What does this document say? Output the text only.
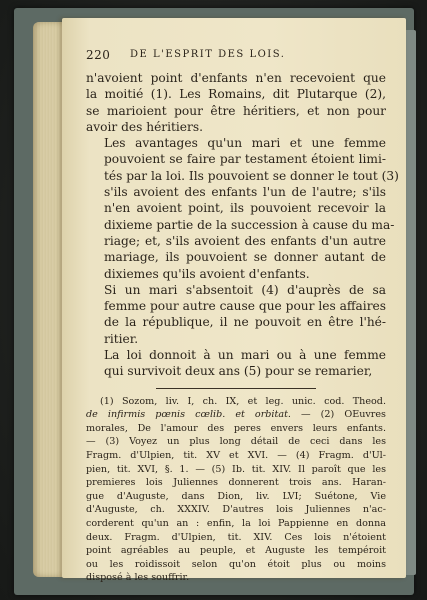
220 DE L'ESPRIT DES LOIS.

n'avoient point d'enfants n'en recevoient que
la moitié (1). Les Romains, dit Plutarque (2),
se marioient pour être héritiers, et non pour
avoir des héritiers.

Les avantages qu'un mari et une femme
pouvoient se faire par testament étoient limi-
tés par la loi. Ils pouvoient se donner le tout (3)
s'ils avoient des enfants l'un de l'autre; s'ils
n'en avoient point, ils pouvoient recevoir la
dixieme partie de la succession à cause du ma-
riage; et, s'ils avoient des enfants d'un autre
mariage, ils pouvoient se donner autant de
dixiemes qu'ils avoient d'enfants.

Si un mari s'absentoit (4) d'auprès de sa
femme pour autre cause que pour les affaires
de la république, il ne pouvoit en être l'hé-
ritier.

La loi donnoit à un mari ou à une femme
qui survivoit deux ans (5) pour se remarier,

(1) Sozom, liv. I, ch. IX, et leg. unic. cod. Theod.
de infirmis pœnis cœlib. et orbitat. — (2) OEuvres
morales, De l'amour des peres envers leurs enfants.
— (3) Voyez un plus long détail de ceci dans les
Fragm. d'Ulpien, tit. XV et XVI. — (4) Fragm. d'Ul-
pien, tit. XVI, §. 1. — (5) Ib. tit. XIV. Il paroît que les
premieres lois Juliennes donnerent trois ans. Haran-
gue d'Auguste, dans Dion, liv. LVI; Suétone, Vie
d'Auguste, ch. XXXIV. D'autres lois Juliennes n'ac-
corderent qu'un an : enfin, la loi Pappienne en donna
deux. Fragm. d'Ulpien, tit. XIV. Ces lois n'étoient
point agréables au peuple, et Auguste les tempéroit
ou les roidissoit selon qu'on étoit plus ou moins
disposé à les souffrir.
